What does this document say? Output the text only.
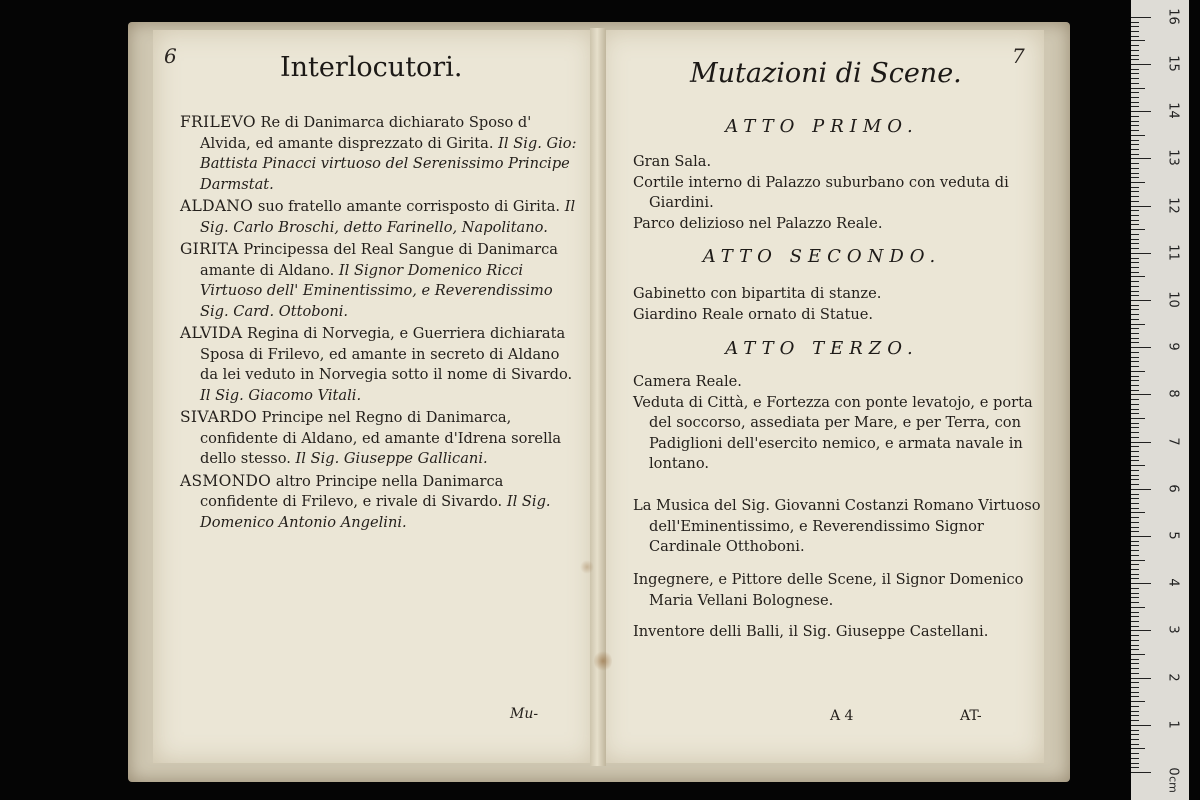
6	Interlocutori.
FRILEVO Re di Danimarca dichiarato Sposo d' Alvida, ed amante disprezzato di Girita. Il Sig. Gio: Battista Pinacci virtuoso del Serenissimo Principe Darmstat.
ALDANO suo fratello amante corrisposto di Girita. Il Sig. Carlo Broschi, detto Farinello, Napolitano.
GIRITA Principessa del Real Sangue di Danimarca amante di Aldano. Il Signor Domenico Ricci Virtuoso dell' Eminentissimo, e Reverendissimo Sig. Card. Ottoboni.
ALVIDA Regina di Norvegia, e Guerriera dichiarata Sposa di Frilevo, ed amante in secreto di Aldano da lei veduto in Norvegia sotto il nome di Sivardo. Il Sig. Giacomo Vitali.
SIVARDO Principe nel Regno di Danimarca, confidente di Aldano, ed amante d'Idrena sorella dello stesso. Il Sig. Giuseppe Gallicani.
ASMONDO altro Principe nella Danimarca confidente di Frilevo, e rivale di Sivardo. Il Sig. Domenico Antonio Angelini.
Mu-
7
Mutazioni di Scene.
ATTO PRIMO.
Gran Sala.
Cortile interno di Palazzo suburbano con veduta di Giardini.
Parco delizioso nel Palazzo Reale.
ATTO SECONDO.
Gabinetto con bipartita di stanze.
Giardino Reale ornato di Statue.
ATTO TERZO.
Camera Reale.
Veduta di Città, e Fortezza con ponte levatojo, e porta del soccorso, assediata per Mare, e per Terra, con Padiglioni dell'esercito nemico, e armata navale in lontano.
La Musica del Sig. Giovanni Costanzi Romano Virtuoso dell'Eminentissimo, e Reverendissimo Signor Cardinale Otthoboni.
Ingegnere, e Pittore delle Scene, il Signor Domenico Maria Vellani Bolognese.
Inventore delli Balli, il Sig. Giuseppe Castellani.
A 4	AT-
0
1
2
3
4
5
6
7
8
9
10
11
12
13
14
15
16
cm
